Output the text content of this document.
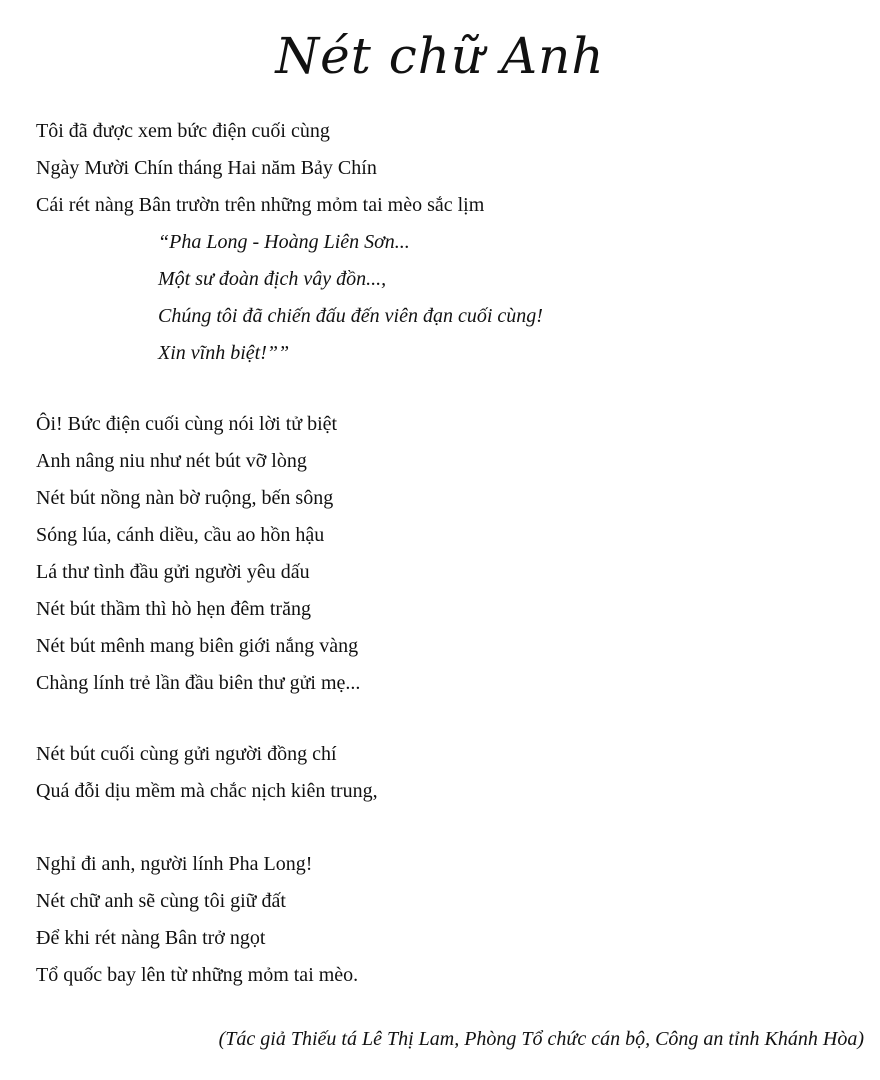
Nét chữ Anh
Tôi đã được xem bức điện cuối cùng
Ngày Mười Chín tháng Hai năm Bảy Chín
Cái rét nàng Bân trườn trên những mỏm tai mèo sắc lịm
“Pha Long - Hoàng Liên Sơn...
Một sư đoàn địch vây đồn...,
Chúng tôi đã chiến đấu đến viên đạn cuối cùng!
Xin vĩnh biệt!””
Ôi! Bức điện cuối cùng nói lời tử biệt
Anh nâng niu như nét bút vỡ lòng
Nét bút nồng nàn bờ ruộng, bến sông
Sóng lúa, cánh diều, cầu ao hồn hậu
Lá thư tình đầu gửi người yêu dấu
Nét bút thầm thì hò hẹn đêm trăng
Nét bút mênh mang biên giới nắng vàng
Chàng lính trẻ lần đầu biên thư gửi mẹ...
Nét bút cuối cùng gửi người đồng chí
Quá đỗi dịu mềm mà chắc nịch kiên trung,
Nghỉ đi anh, người lính Pha Long!
Nét chữ anh sẽ cùng tôi giữ đất
Để khi rét nàng Bân trở ngọt
Tổ quốc bay lên từ những mỏm tai mèo.
(Tác giả Thiếu tá Lê Thị Lam, Phòng Tổ chức cán bộ, Công an tỉnh Khánh Hòa)
